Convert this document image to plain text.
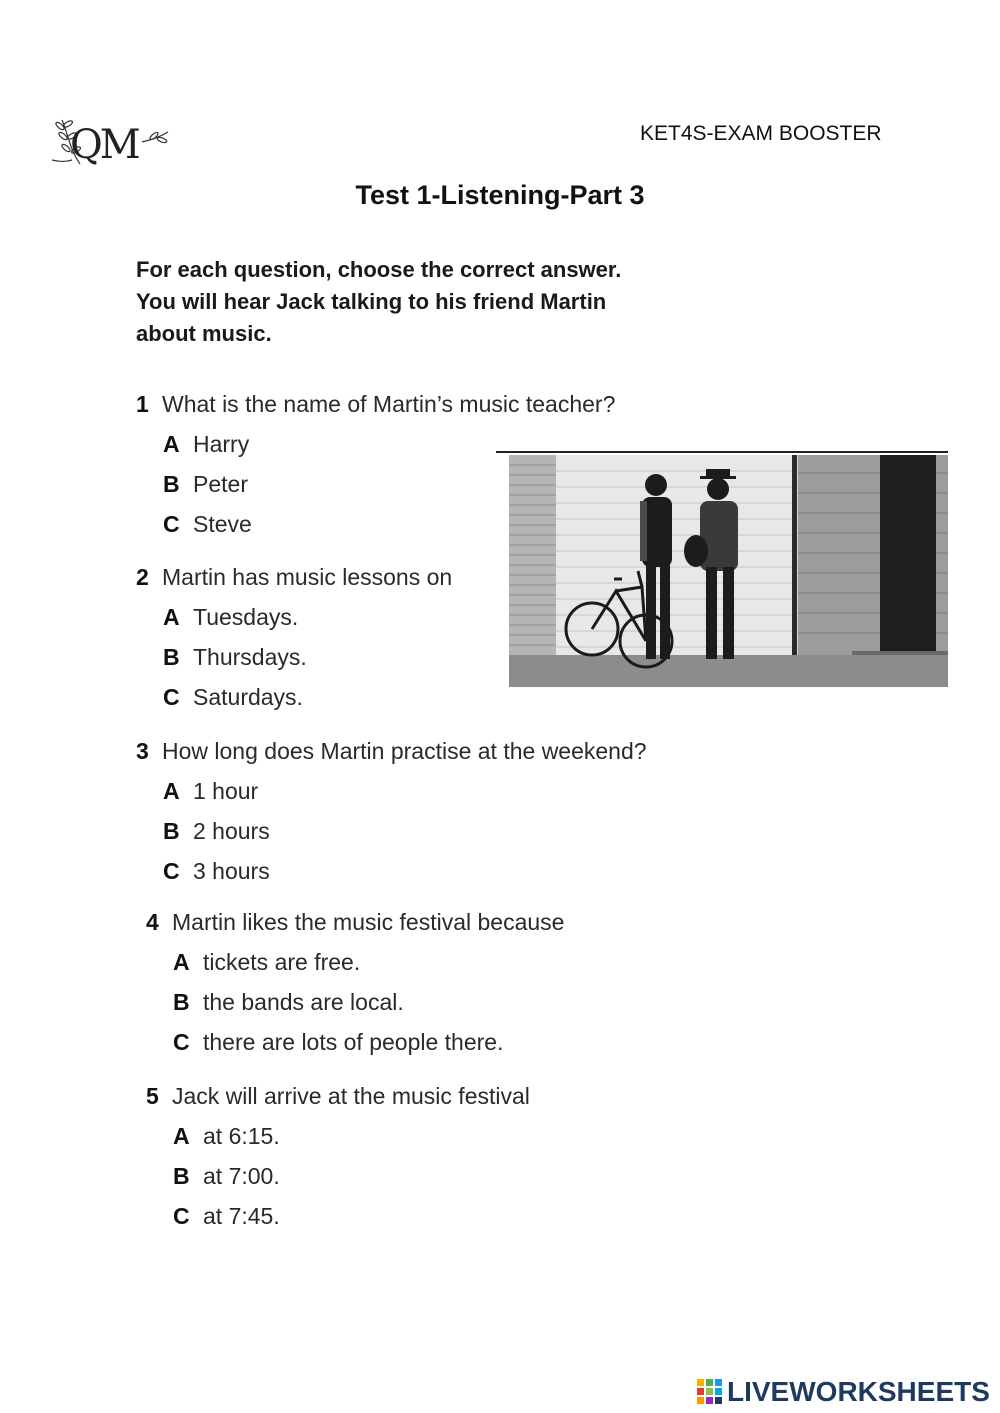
QM	KET4S-EXAM BOOSTER
Test 1-Listening-Part 3
For each question, choose the correct answer.
You will hear Jack talking to his friend Martin
about music.
1 What is the name of Martin’s music teacher?
A Harry
B Peter
C Steve
2 Martin has music lessons on
A Tuesdays.
B Thursdays.
C Saturdays.
3 How long does Martin practise at the weekend?
A 1 hour
B 2 hours
C 3 hours
4 Martin likes the music festival because
A tickets are free.
B the bands are local.
C there are lots of people there.
5 Jack will arrive at the music festival
A at 6:15.
B at 7:00.
C at 7:45.
LIVEWORKSHEETS
